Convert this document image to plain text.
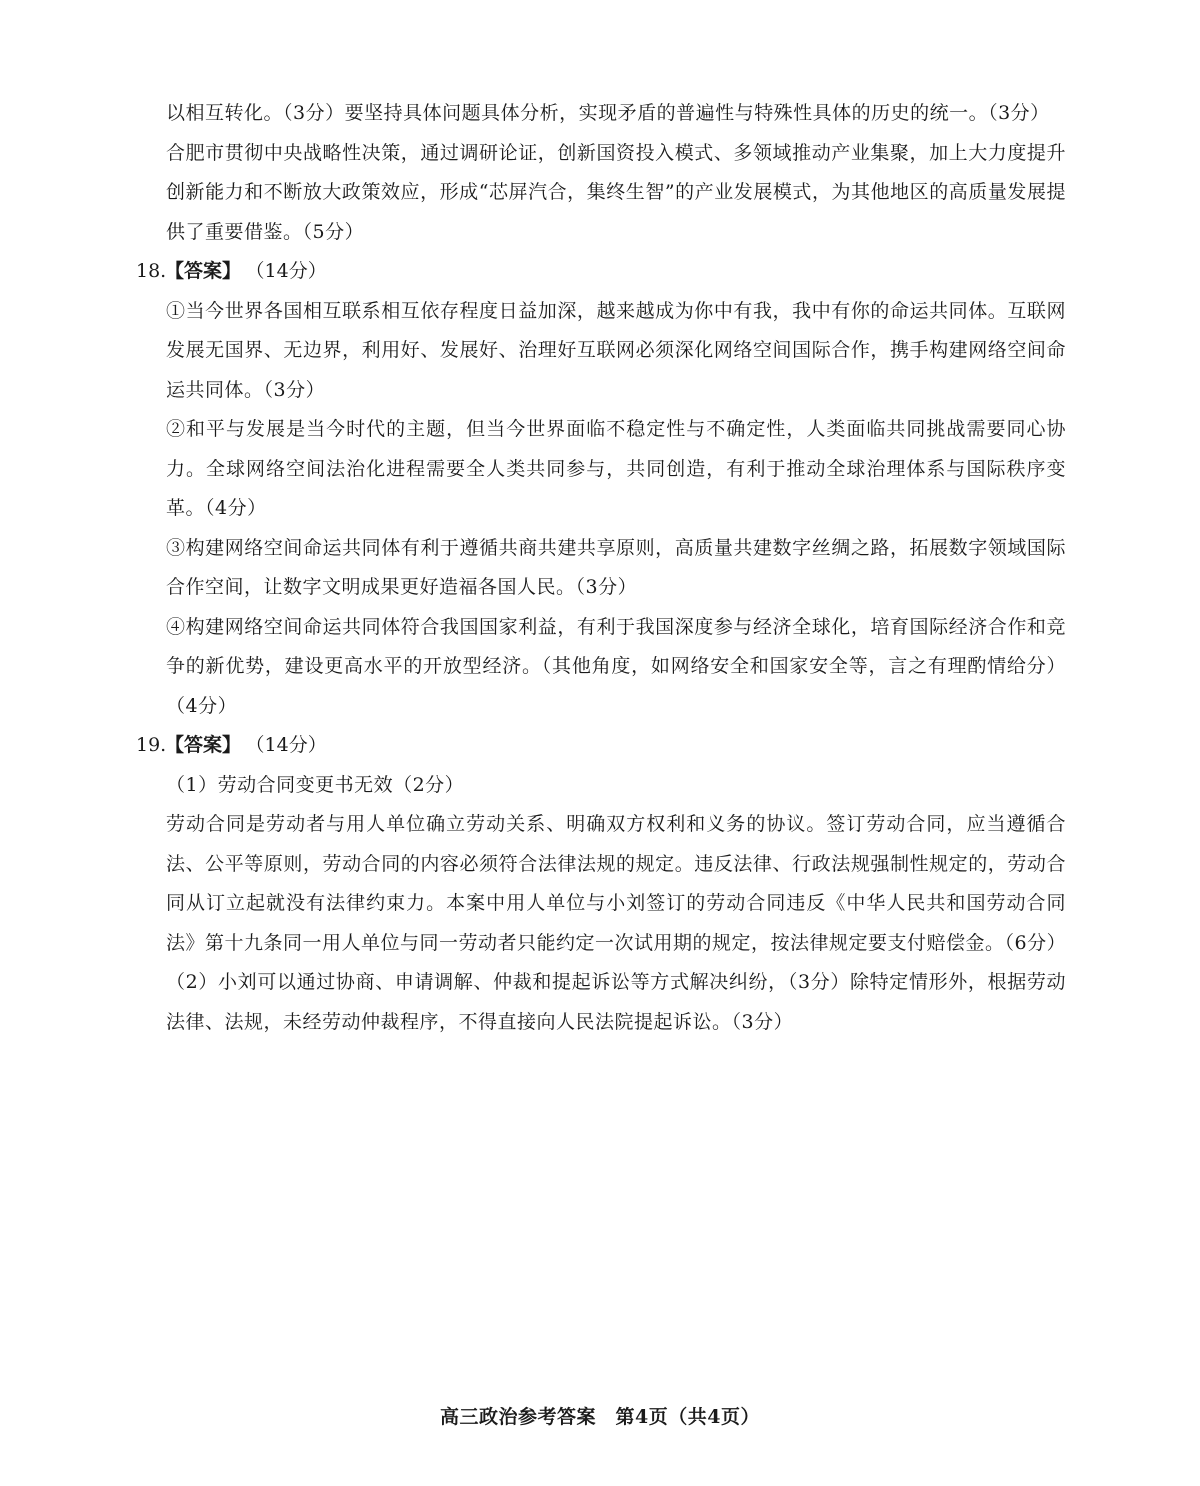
以相互转化。（3分）要坚持具体问题具体分析，实现矛盾的普遍性与特殊性具体的历史的统一。（3分）

合肥市贯彻中央战略性决策，通过调研论证，创新国资投入模式、多领域推动产业集聚，加上大力度提升创新能力和不断放大政策效应，形成“芯屏汽合，集终生智”的产业发展模式，为其他地区的高质量发展提供了重要借鉴。（5分）

18.【答案】 （14分）

①当今世界各国相互联系相互依存程度日益加深，越来越成为你中有我，我中有你的命运共同体。互联网发展无国界、无边界，利用好、发展好、治理好互联网必须深化网络空间国际合作，携手构建网络空间命运共同体。（3分）

②和平与发展是当今时代的主题，但当今世界面临不稳定性与不确定性，人类面临共同挑战需要同心协力。全球网络空间法治化进程需要全人类共同参与，共同创造，有利于推动全球治理体系与国际秩序变革。（4分）

③构建网络空间命运共同体有利于遵循共商共建共享原则，高质量共建数字丝绸之路，拓展数字领域国际合作空间，让数字文明成果更好造福各国人民。（3分）

④构建网络空间命运共同体符合我国国家利益，有利于我国深度参与经济全球化，培育国际经济合作和竞争的新优势，建设更高水平的开放型经济。（其他角度，如网络安全和国家安全等，言之有理酌情给分）（4分）

19.【答案】 （14分）

（1）劳动合同变更书无效（2分）

劳动合同是劳动者与用人单位确立劳动关系、明确双方权利和义务的协议。签订劳动合同，应当遵循合法、公平等原则，劳动合同的内容必须符合法律法规的规定。违反法律、行政法规强制性规定的，劳动合同从订立起就没有法律约束力。本案中用人单位与小刘签订的劳动合同违反《中华人民共和国劳动合同法》第十九条同一用人单位与同一劳动者只能约定一次试用期的规定，按法律规定要支付赔偿金。（6分）

（2）小刘可以通过协商、申请调解、仲裁和提起诉讼等方式解决纠纷，（3分）除特定情形外，根据劳动法律、法规，未经劳动仲裁程序，不得直接向人民法院提起诉讼。（3分）

高三政治参考答案　第4页（共4页）
